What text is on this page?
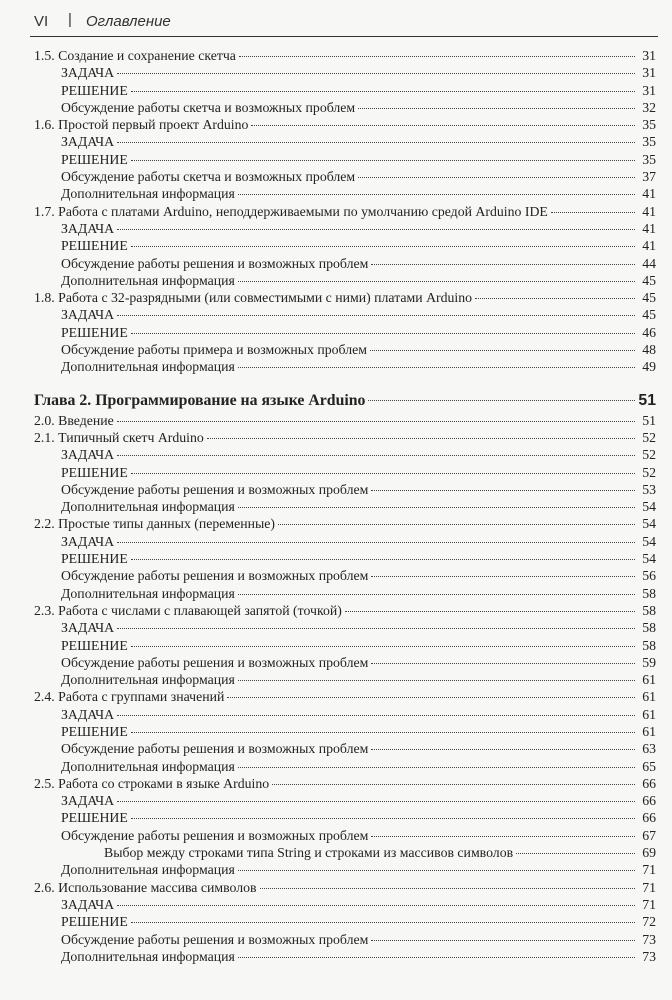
VI | Оглавление
1.5. Создание и сохранение скетча	31
ЗАДАЧА	31
РЕШЕНИЕ	31
Обсуждение работы скетча и возможных проблем	32
1.6. Простой первый проект Arduino	35
ЗАДАЧА	35
РЕШЕНИЕ	35
Обсуждение работы скетча и возможных проблем	37
Дополнительная информация	41
1.7. Работа с платами Arduino, неподдерживаемыми по умолчанию средой Arduino IDE	41
ЗАДАЧА	41
РЕШЕНИЕ	41
Обсуждение работы решения и возможных проблем	44
Дополнительная информация	45
1.8. Работа с 32-разрядными (или совместимыми с ними) платами Arduino	45
ЗАДАЧА	45
РЕШЕНИЕ	46
Обсуждение работы примера и возможных проблем	48
Дополнительная информация	49
Глава 2. Программирование на языке Arduino	51
2.0. Введение	51
2.1. Типичный скетч Arduino	52
ЗАДАЧА	52
РЕШЕНИЕ	52
Обсуждение работы решения и возможных проблем	53
Дополнительная информация	54
2.2. Простые типы данных (переменные)	54
ЗАДАЧА	54
РЕШЕНИЕ	54
Обсуждение работы решения и возможных проблем	56
Дополнительная информация	58
2.3. Работа с числами с плавающей запятой (точкой)	58
ЗАДАЧА	58
РЕШЕНИЕ	58
Обсуждение работы решения и возможных проблем	59
Дополнительная информация	61
2.4. Работа с группами значений	61
ЗАДАЧА	61
РЕШЕНИЕ	61
Обсуждение работы решения и возможных проблем	63
Дополнительная информация	65
2.5. Работа со строками в языке Arduino	66
ЗАДАЧА	66
РЕШЕНИЕ	66
Обсуждение работы решения и возможных проблем	67
Выбор между строками типа String и строками из массивов символов	69
Дополнительная информация	71
2.6. Использование массива символов	71
ЗАДАЧА	71
РЕШЕНИЕ	72
Обсуждение работы решения и возможных проблем	73
Дополнительная информация	73
